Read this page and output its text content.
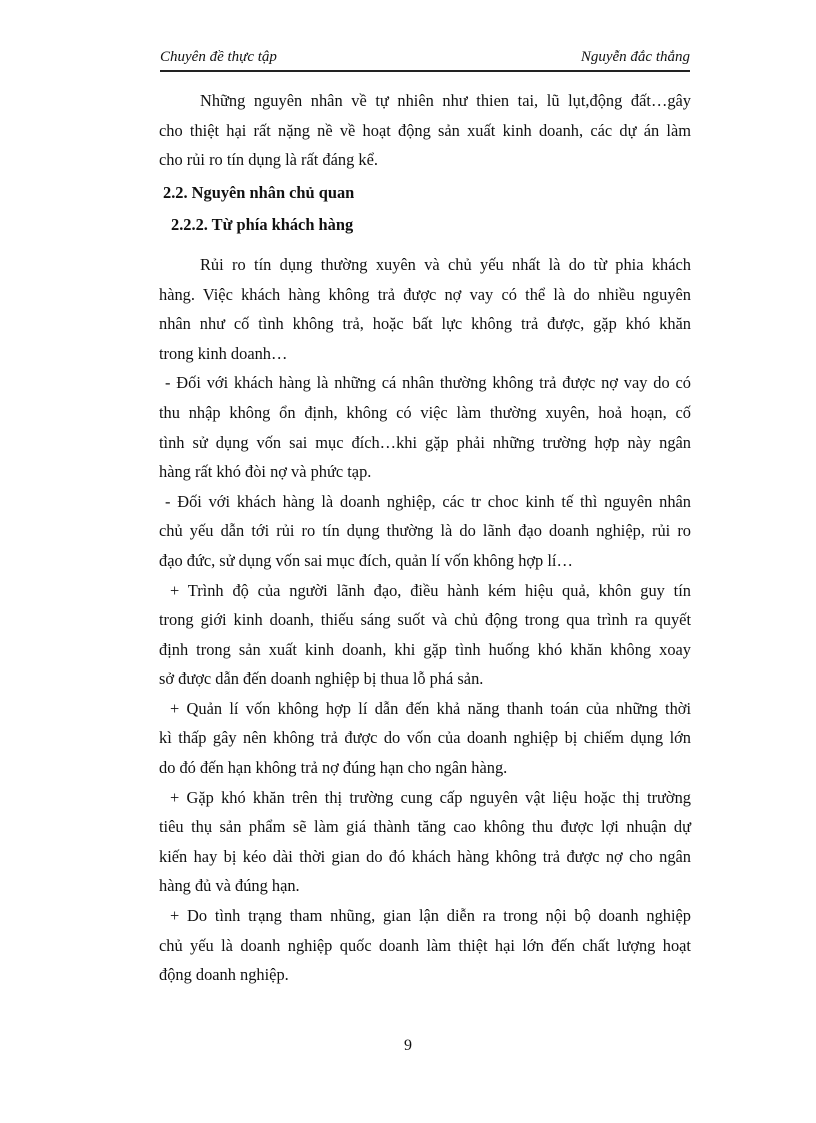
Chuyên đề thực tập	Nguyễn đắc thắng

Những nguyên nhân về tự nhiên như thien tai, lũ lụt,động đất…gây

cho thiệt hại rất nặng nề về hoạt động sản xuất kinh doanh, các dự án làm

cho rủi ro tín dụng là rất đáng kể.

2.2. Nguyên nhân chủ quan

2.2.2. Từ phía khách hàng

Rủi ro tín dụng thường xuyên và chủ yếu nhất là do từ phia khách

hàng. Việc khách hàng không trả được nợ vay có thể là do nhiều nguyên

nhân như cố tình không trả, hoặc bất lực không trả được, gặp khó khăn

trong kinh doanh…

- Đối với khách hàng là những cá nhân thường không trả được nợ vay do có

thu nhập không ổn định, không có việc làm thường xuyên, hoả hoạn, cố

tình sử dụng vốn sai mục đích…khi gặp phải những trường hợp này ngân

hàng rất khó đòi nợ và phức tạp.

- Đối với khách hàng là doanh nghiệp, các tr choc kinh tế thì nguyên nhân

chủ yếu dẫn tới rủi ro tín dụng thường là do lãnh đạo doanh nghiệp, rủi ro

đạo đức, sử dụng vốn sai mục đích, quản lí vốn không hợp lí…

+ Trình độ của người lãnh đạo, điều hành kém hiệu quả, khôn guy tín

trong giới kinh doanh, thiếu sáng suốt và chủ động trong qua trình ra quyết

định trong sản xuất kinh doanh, khi gặp tình huống khó khăn không xoay

sở được dẫn đến doanh nghiệp bị thua lỗ phá sản.

+ Quản lí vốn không hợp lí dẫn đến khả năng thanh toán của những thời

kì thấp gây nên không trả được do vốn của doanh nghiệp bị chiếm dụng lớn

do đó đến hạn không trả nợ đúng hạn cho ngân hàng.

+ Gặp khó khăn trên thị trường cung cấp nguyên vật liệu hoặc thị trường

tiêu thụ sản phẩm sẽ làm giá thành tăng cao không thu được lợi nhuận dự

kiến hay bị kéo dài thời gian do đó khách hàng không trả được nợ cho ngân

hàng đủ và đúng hạn.

+ Do tình trạng tham nhũng, gian lận diễn ra trong nội bộ doanh nghiệp

chủ yếu là doanh nghiệp quốc doanh làm thiệt hại lớn đến chất lượng hoạt

động doanh nghiệp.

9
